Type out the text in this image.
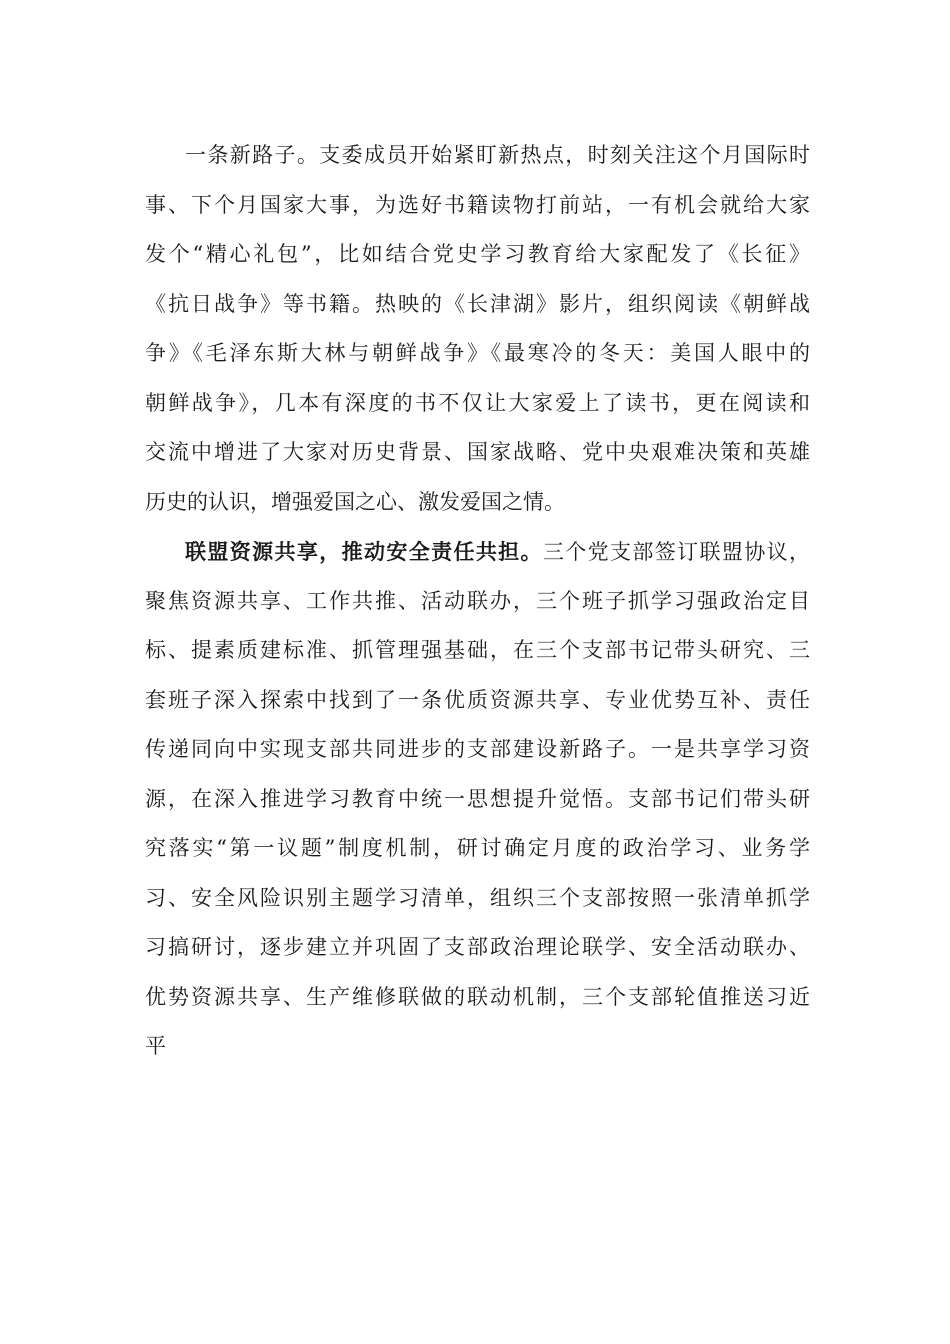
一条新路子。支委成员开始紧盯新热点，时刻关注这个月国际时
事、下个月国家大事，为选好书籍读物打前站，一有机会就给大家
发个“精心礼包”，比如结合党史学习教育给大家配发了《长征》
《抗日战争》等书籍。热映的《长津湖》影片，组织阅读《朝鲜战
争》《毛泽东斯大林与朝鲜战争》《最寒冷的冬天：美国人眼中的
朝鲜战争》，几本有深度的书不仅让大家爱上了读书，更在阅读和
交流中增进了大家对历史背景、国家战略、党中央艰难决策和英雄
历史的认识，增强爱国之心、激发爱国之情。
联盟资源共享，推动安全责任共担。三个党支部签订联盟协议，
聚焦资源共享、工作共推、活动联办，三个班子抓学习强政治定目
标、提素质建标准、抓管理强基础，在三个支部书记带头研究、三
套班子深入探索中找到了一条优质资源共享、专业优势互补、责任
传递同向中实现支部共同进步的支部建设新路子。一是共享学习资
源，在深入推进学习教育中统一思想提升觉悟。支部书记们带头研
究落实“第一议题”制度机制，研讨确定月度的政治学习、业务学
习、安全风险识别主题学习清单，组织三个支部按照一张清单抓学
习搞研讨，逐步建立并巩固了支部政治理论联学、安全活动联办、
优势资源共享、生产维修联做的联动机制，三个支部轮值推送习近
平
